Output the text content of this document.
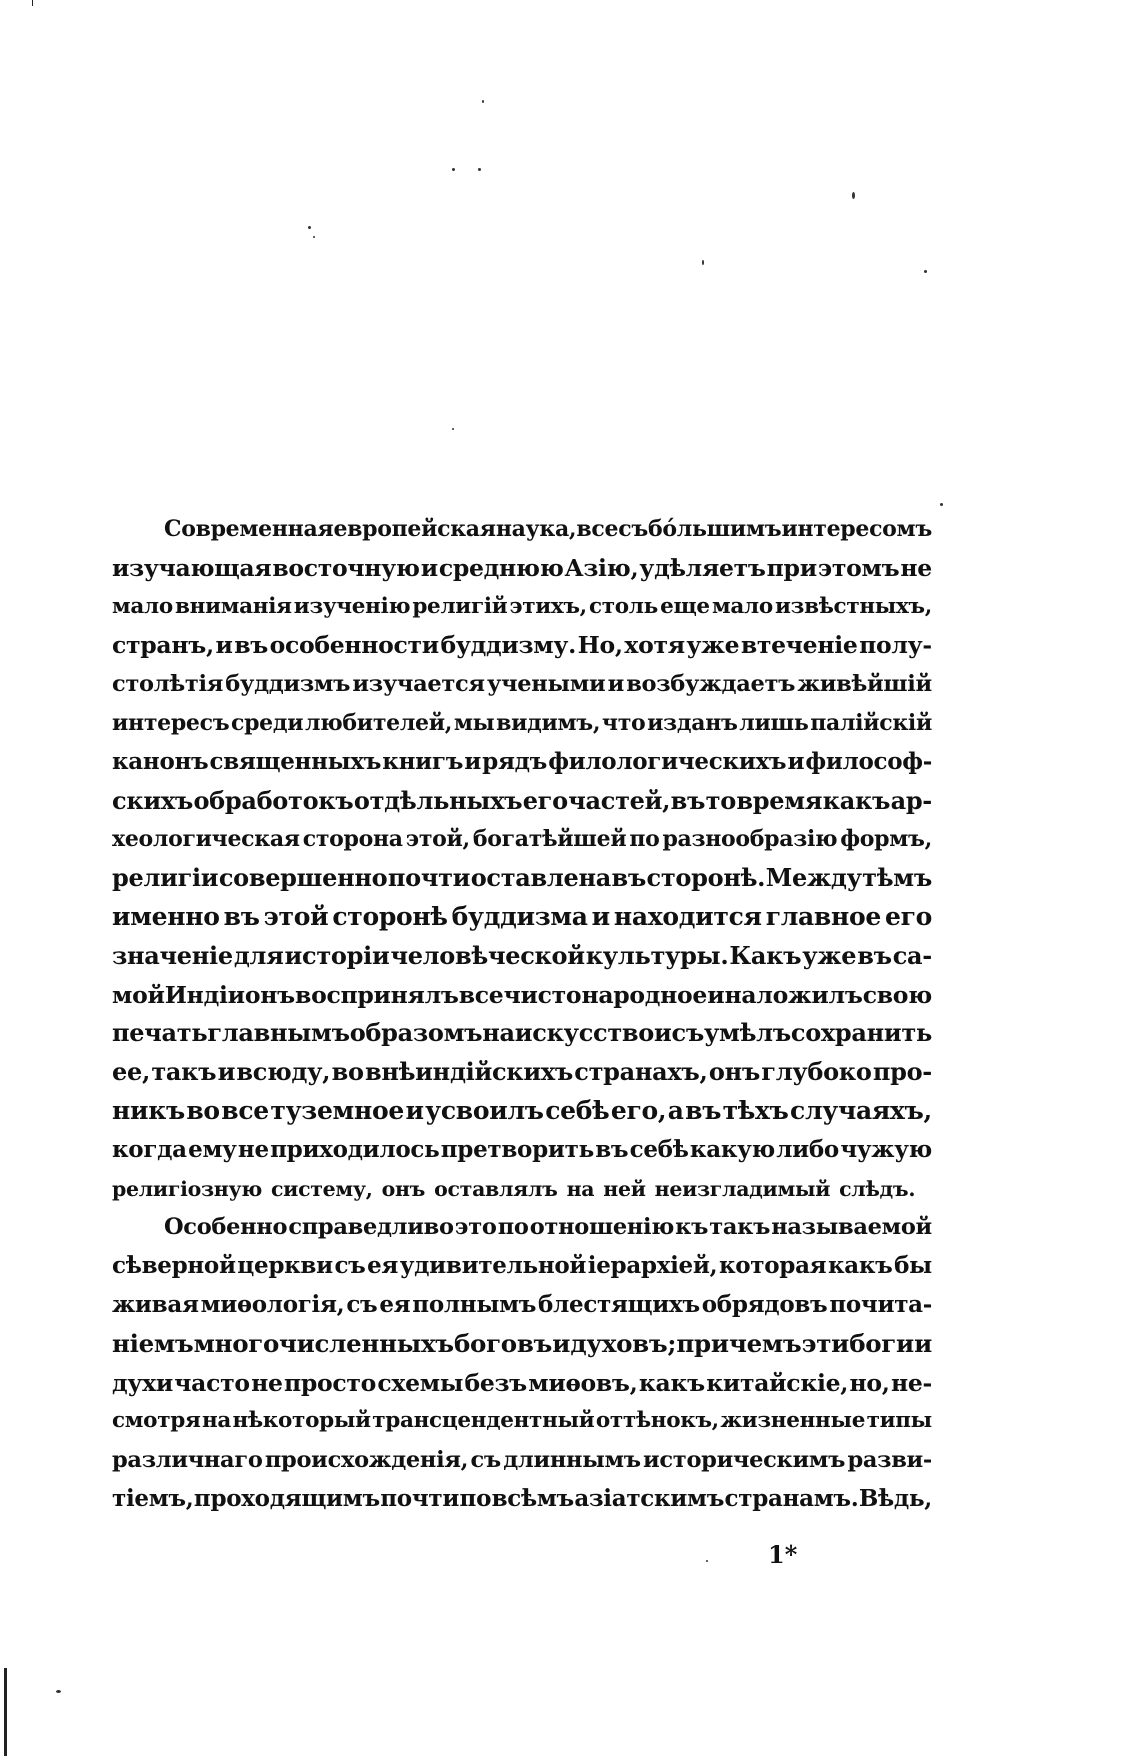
Современная европейская наука, все съ бо́льшимъ интересомъ
изучающая восточную и среднюю Азію, удѣляетъ при этомъ не
мало вниманія изученію религій этихъ, столь еще мало извѣстныхъ,
странъ, и въ особенности буддизму. Но, хотя уже втеченіе полу-
столѣтія буддизмъ изучается учеными и возбуждаетъ живѣйшій
интересъ среди любителей, мы видимъ, что изданъ лишь палійскій
канонъ священныхъ книгъ и рядъ филологическихъ и философ-
скихъ обработокъ отдѣльныхъ его частей, въ то время какъ ар-
хеологическая сторона этой, богатѣйшей по разнообразію формъ,
религіи совершенно почти оставлена въ сторонѣ. Между тѣмъ
именно въ этой сторонѣ буддизма и находится главное его
значеніе для исторіи человѣческой культуры. Какъ уже въ са-
мой Индіи онъ воспринялъ все чисто народное и наложилъ свою
печать главнымъ образомъ на искусство и съумѣлъ сохранить
ее, такъ и всюду, во внѣиндійскихъ странахъ, онъ глубоко про-
никъ во все туземное и усвоилъ себѣ его, а въ тѣхъ случаяхъ,
когда ему не приходилось претворить въ себѣ какую либо чужую
религіозную систему, онъ оставлялъ на ней неизгладимый слѣдъ.
Особенно справедливо это по отношенію къ такъ называемой
сѣверной церкви съ ея удивительной іерархіей, которая какъ бы
живая миѳологія, съ ея полнымъ блестящихъ обрядовъ почита-
ніемъ многочисленныхъ боговъ и духовъ; при чемъ эти боги и
духи часто не просто схемы безъ миѳовъ, какъ китайскіе, но, не-
смотря на нѣкоторый трансцендентный оттѣнокъ, жизненные типы
различнаго происхожденія, съ длиннымъ историческимъ разви-
тіемъ, проходящимъ почти по всѣмъ азіатскимъ странамъ. Вѣдь,
1*
